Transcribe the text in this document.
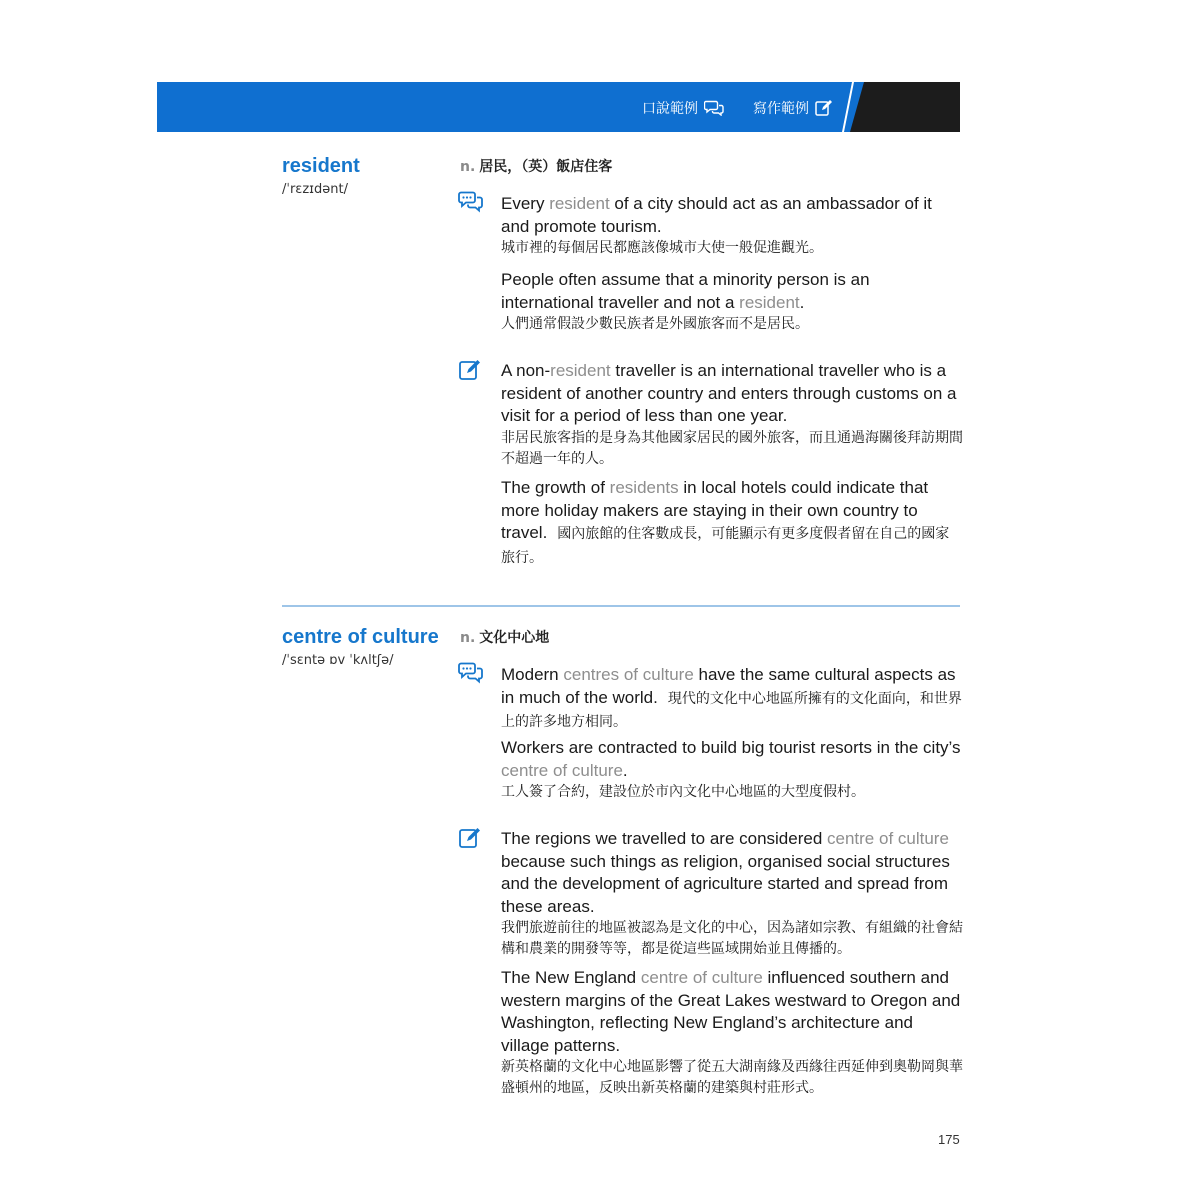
口說範例	寫作範例
resident
/ˈrɛzɪdənt/
n. 居民，（英）飯店住客
Every resident of a city should act as an ambassador of it and promote tourism.
城市裡的每個居民都應該像城市大使一般促進觀光。
People often assume that a minority person is an international traveller and not a resident.
人們通常假設少數民族者是外國旅客而不是居民。
A non-resident traveller is an international traveller who is a resident of another country and enters through customs on a visit for a period of less than one year.
非居民旅客指的是身為其他國家居民的國外旅客，而且通過海關後拜訪期間不超過一年的人。
The growth of residents in local hotels could indicate that more holiday makers are staying in their own country to travel. 國內旅館的住客數成長，可能顯示有更多度假者留在自己的國家旅行。
centre of culture
/ˈsɛntə ɒv ˈkʌltʃə/
n. 文化中心地
Modern centres of culture have the same cultural aspects as in much of the world. 現代的文化中心地區所擁有的文化面向，和世界上的許多地方相同。
Workers are contracted to build big tourist resorts in the city’s centre of culture.
工人簽了合約，建設位於市內文化中心地區的大型度假村。
The regions we travelled to are considered centre of culture because such things as religion, organised social structures and the development of agriculture started and spread from these areas.
我們旅遊前往的地區被認為是文化的中心，因為諸如宗教、有組織的社會結構和農業的開發等等，都是從這些區域開始並且傳播的。
The New England centre of culture influenced southern and western margins of the Great Lakes westward to Oregon and Washington, reflecting New England’s architecture and village patterns.
新英格蘭的文化中心地區影響了從五大湖南緣及西緣往西延伸到奧勒岡與華盛頓州的地區，反映出新英格蘭的建築與村莊形式。
175
